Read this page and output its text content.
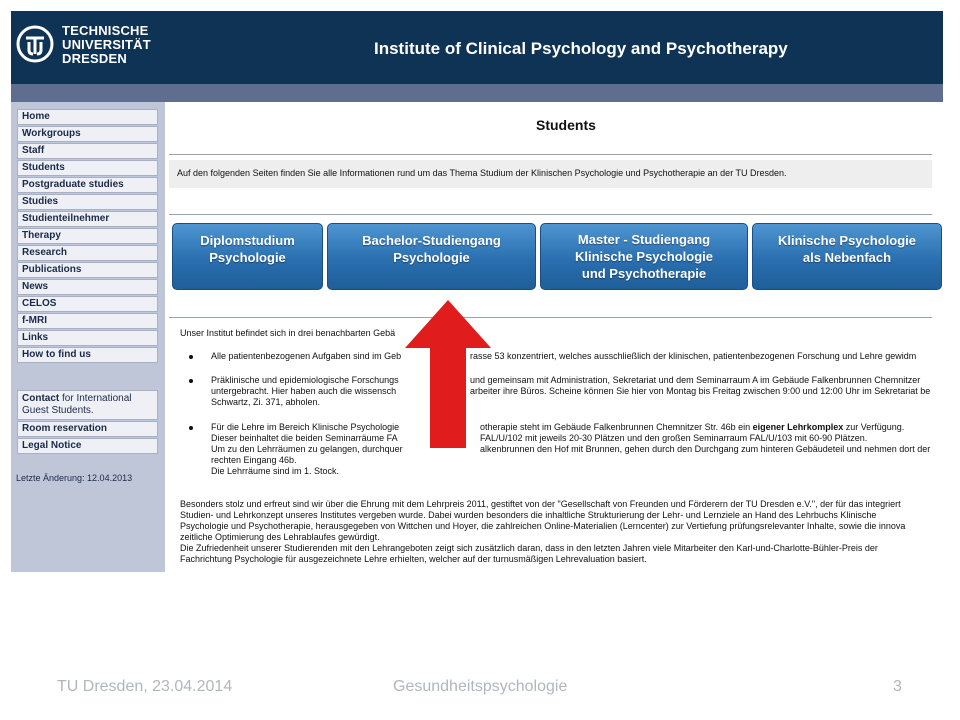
TECHNISCHE
UNIVERSITÄT
DRESDEN
Institute of Clinical Psychology and Psychotherapy
Home
Workgroups
Staff
Students
Postgraduate studies
Studies
Studienteilnehmer
Therapy
Research
Publications
News
CELOS
f-MRI
Links
How to find us
Contact for International Guest Students.
Room reservation
Legal Notice
Letzte Änderung: 12.04.2013
Students
Auf den folgenden Seiten finden Sie alle Informationen rund um das Thema Studium der Klinischen Psychologie und Psychotherapie an der TU Dresden.
Diplomstudium
Psychologie
Bachelor-Studiengang
Psychologie
Master - Studiengang
Klinische Psychologie
und Psychotherapie
Klinische Psychologie
als Nebenfach
Unser Institut befindet sich in drei benachbarten Gebä
Alle patientenbezogenen Aufgaben sind im Geb	rasse 53 konzentriert, welches ausschließlich der klinischen, patientenbezogenen Forschung und Lehre gewidm
Präklinische und epidemiologische Forschungs	und gemeinsam mit Administration, Sekretariat und dem Seminarraum A im Gebäude Falkenbrunnen Chemnitzer
untergebracht. Hier haben auch die wissensch	arbeiter ihre Büros. Scheine können Sie hier von Montag bis Freitag zwischen 9:00 und 12:00 Uhr im Sekretariat be
Schwartz, Zi. 371, abholen.
Für die Lehre im Bereich Klinische Psychologie	otherapie steht im Gebäude Falkenbrunnen Chemnitzer Str. 46b ein eigener Lehrkomplex zur Verfügung.
Dieser beinhaltet die beiden Seminarräume FA	FAL/U/102 mit jeweils 20-30 Plätzen und den großen Seminarraum FAL/U/103 mit 60-90 Plätzen.
Um zu den Lehrräumen zu gelangen, durchquer	alkenbrunnen den Hof mit Brunnen, gehen durch den Durchgang zum hinteren Gebäudeteil und nehmen dort der
rechten Eingang 46b.
Die Lehrräume sind im 1. Stock.
Besonders stolz und erfreut sind wir über die Ehrung mit dem Lehrpreis 2011, gestiftet von der "Gesellschaft von Freunden und Förderern der TU Dresden e.V.", der für das integriert
Studien- und Lehrkonzept unseres Institutes vergeben wurde. Dabei wurden besonders die inhaltliche Strukturierung der Lehr- und Lernziele an Hand des Lehrbuchs Klinische
Psychologie und Psychotherapie, herausgegeben von Wittchen und Hoyer, die zahlreichen Online-Materialien (Lerncenter) zur Vertiefung prüfungsrelevanter Inhalte, sowie die innova
zeitliche Optimierung des Lehrablaufes gewürdigt.
Die Zufriedenheit unserer Studierenden mit den Lehrangeboten zeigt sich zusätzlich daran, dass in den letzten Jahren viele Mitarbeiter den Karl-und-Charlotte-Bühler-Preis der
Fachrichtung Psychologie für ausgezeichnete Lehre erhielten, welcher auf der turnusmäßigen Lehrevaluation basiert.
TU Dresden, 23.04.2014	Gesundheitspsychologie	3
